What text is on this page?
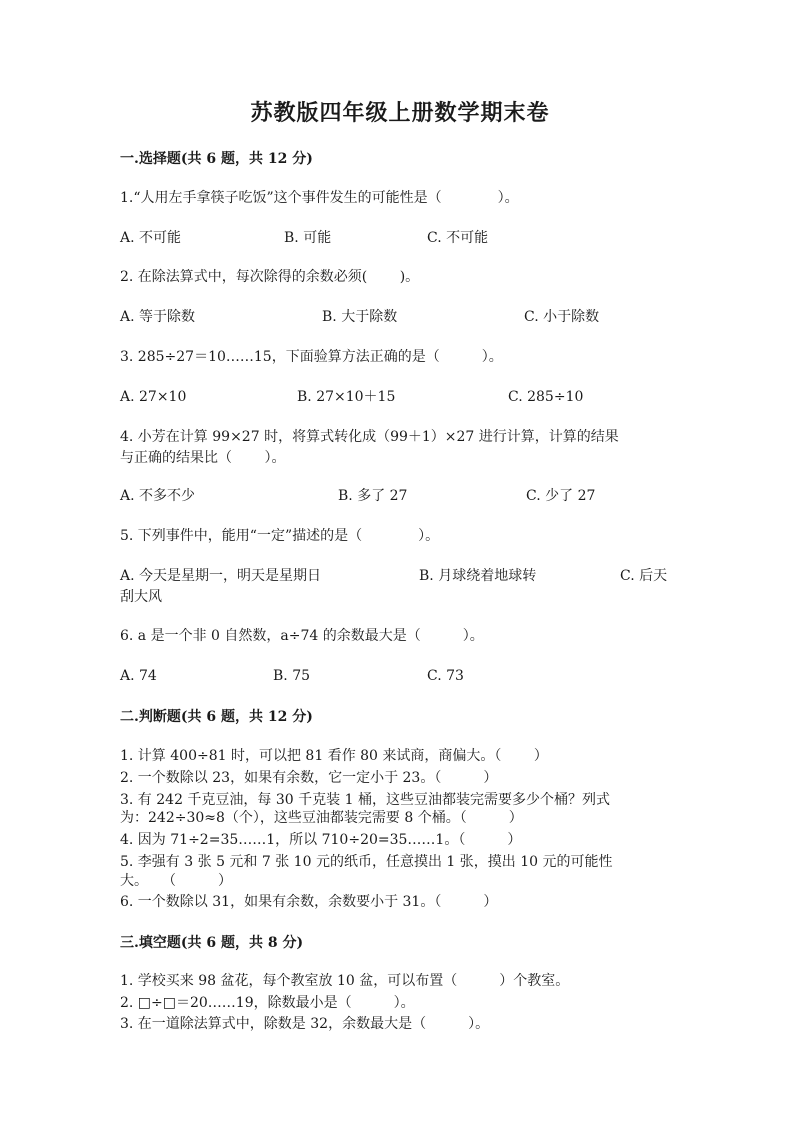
苏教版四年级上册数学期末卷
一.选择题(共 6 题，共 12 分)
1.“人用左手拿筷子吃饭”这个事件发生的可能性是（　　　　）。
A. 不可能	B. 可能	C. 不可能
2. 在除法算式中，每次除得的余数必须(　　 )。
A. 等于除数	B. 大于除数	C. 小于除数
3. 285÷27＝10……15，下面验算方法正确的是（　　　）。
A. 27×10	B. 27×10＋15	C. 285÷10
4. 小芳在计算 99×27 时，将算式转化成（99＋1）×27 进行计算，计算的结果
与正确的结果比（　　 ）。
A. 不多不少	B. 多了 27	C. 少了 27
5. 下列事件中，能用“一定”描述的是（　　　　）。
A. 今天是星期一，明天是星期日	B. 月球绕着地球转	C. 后天
刮大风
6. a 是一个非 0 自然数，a÷74 的余数最大是（　　　）。
A. 74	B. 75	C. 73
二.判断题(共 6 题，共 12 分)
1. 计算 400÷81 时，可以把 81 看作 80 来试商，商偏大。（　　 ）
2. 一个数除以 23，如果有余数，它一定小于 23。（　　　）
3. 有 242 千克豆油，每 30 千克装 1 桶，这些豆油都装完需要多少个桶？列式
为：242÷30≈8（个），这些豆油都装完需要 8 个桶。（　　　）
4. 因为 71÷2=35……1，所以 710÷20=35……1。（　　　）
5. 李强有 3 张 5 元和 7 张 10 元的纸币，任意摸出 1 张，摸出 10 元的可能性
大。　　（　　　）
6. 一个数除以 31，如果有余数，余数要小于 31。（　　　）
三.填空题(共 6 题，共 8 分)
1. 学校买来 98 盆花，每个教室放 10 盆，可以布置（　　　）个教室。
2. □÷□＝20……19，除数最小是（　　　）。
3. 在一道除法算式中，除数是 32，余数最大是（　　　）。
